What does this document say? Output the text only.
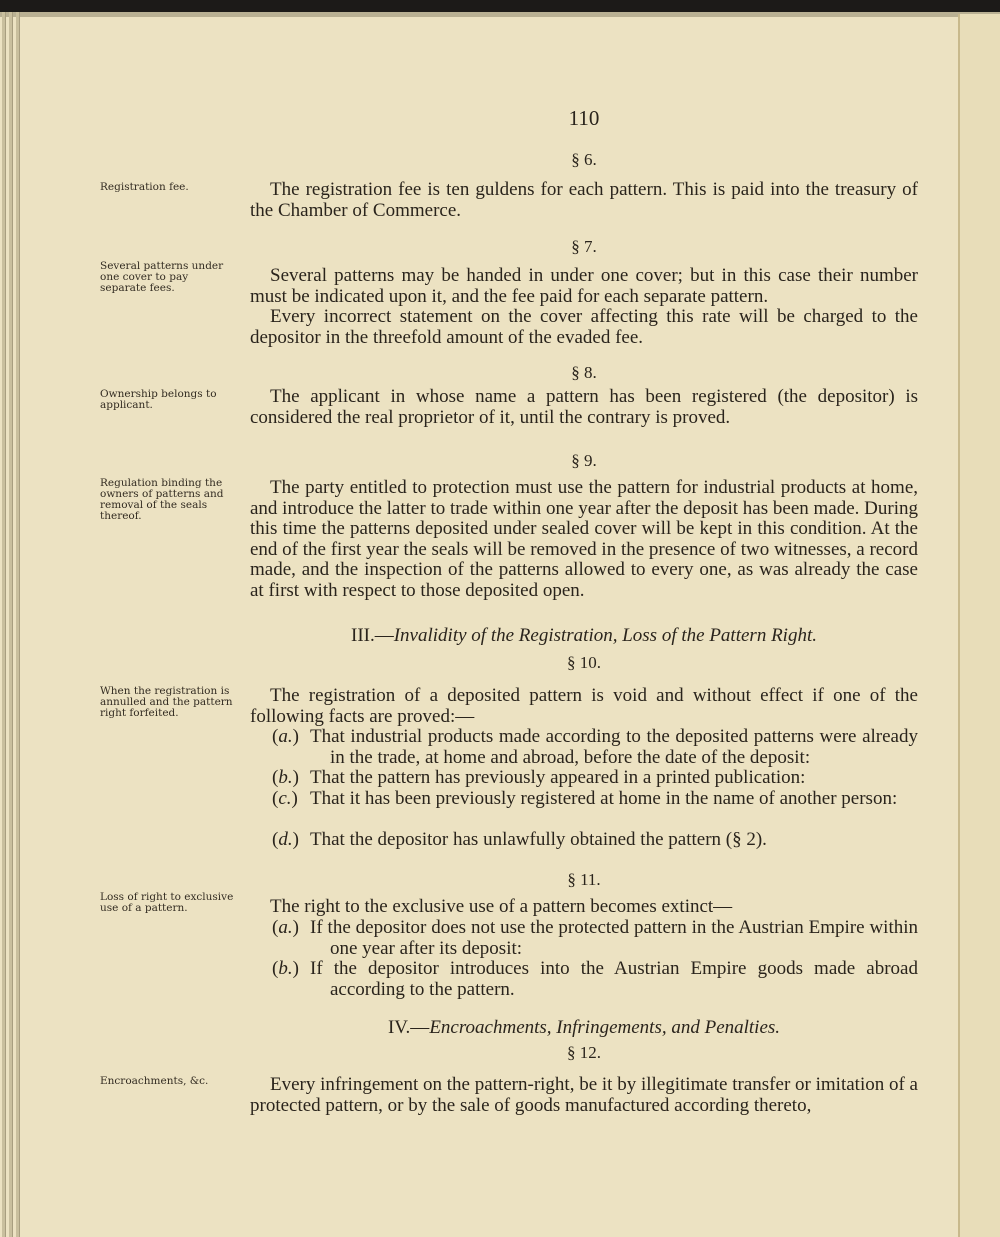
110
Registration fee.
Several patterns under one cover to pay separate fees.
Ownership belongs to applicant.
Regulation binding the owners of patterns and removal of the seals thereof.
When the registration is annulled and the pattern right forfeited.
Loss of right to exclusive use of a pattern.
Encroachments, &c.
§ 6.
The registration fee is ten guldens for each pattern. This is paid into the treasury of the Chamber of Commerce.
§ 7.
Several patterns may be handed in under one cover; but in this case their number must be indicated upon it, and the fee paid for each separate pattern.
Every incorrect statement on the cover affecting this rate will be charged to the depositor in the threefold amount of the evaded fee.
§ 8.
The applicant in whose name a pattern has been registered (the depositor) is considered the real proprietor of it, until the contrary is proved.
§ 9.
The party entitled to protection must use the pattern for industrial products at home, and introduce the latter to trade within one year after the deposit has been made. During this time the patterns deposited under sealed cover will be kept in this condition. At the end of the first year the seals will be removed in the presence of two witnesses, a record made, and the inspection of the patterns allowed to every one, as was already the case at first with respect to those deposited open.
III.—Invalidity of the Registration, Loss of the Pattern Right.
§ 10.
The registration of a deposited pattern is void and without effect if one of the following facts are proved:—
(a.) That industrial products made according to the deposited patterns were already in the trade, at home and abroad, before the date of the deposit:
(b.) That the pattern has previously appeared in a printed publication:
(c.) That it has been previously registered at home in the name of another person:
(d.) That the depositor has unlawfully obtained the pattern (§ 2).
§ 11.
The right to the exclusive use of a pattern becomes extinct—
(a.) If the depositor does not use the protected pattern in the Austrian Empire within one year after its deposit:
(b.) If the depositor introduces into the Austrian Empire goods made abroad according to the pattern.
IV.—Encroachments, Infringements, and Penalties.
§ 12.
Every infringement on the pattern-right, be it by illegitimate transfer or imitation of a protected pattern, or by the sale of goods manufactured according thereto,
